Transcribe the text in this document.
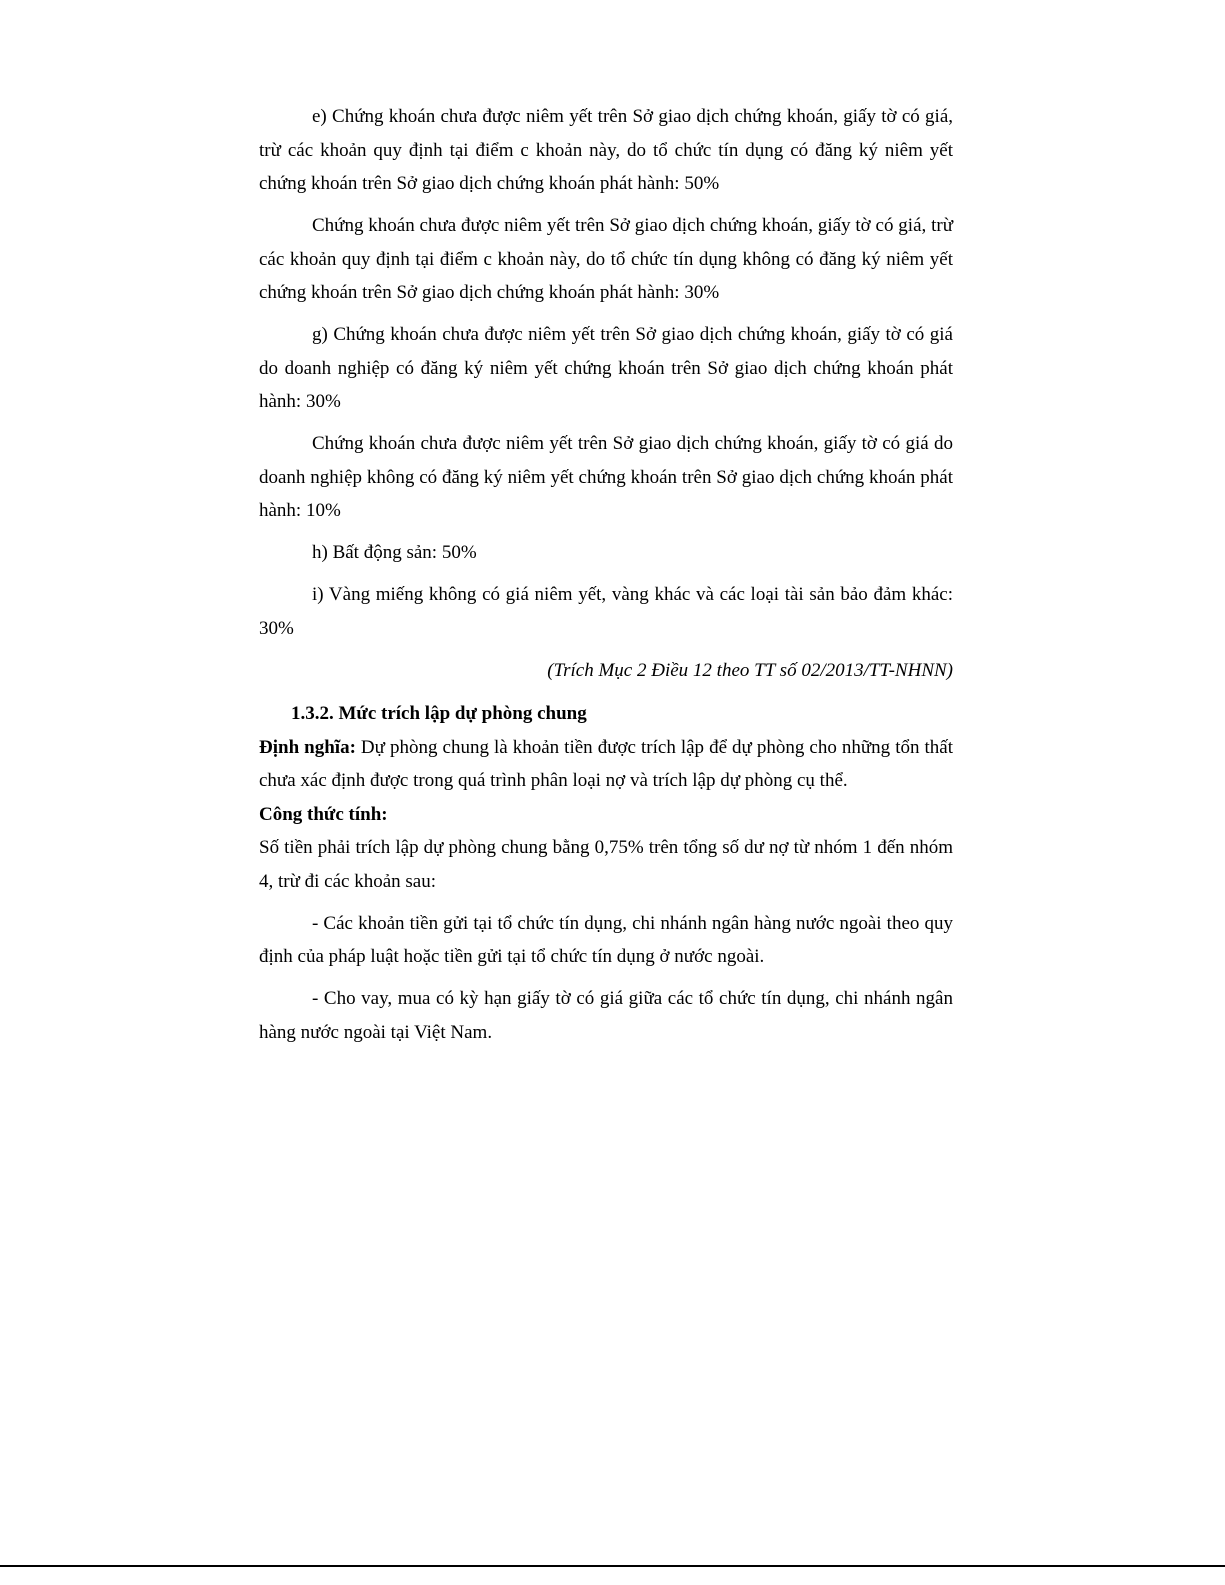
e) Chứng khoán chưa được niêm yết trên Sở giao dịch chứng khoán, giấy tờ có giá, trừ các khoản quy định tại điểm c khoản này, do tổ chức tín dụng có đăng ký niêm yết chứng khoán trên Sở giao dịch chứng khoán phát hành: 50%

Chứng khoán chưa được niêm yết trên Sở giao dịch chứng khoán, giấy tờ có giá, trừ các khoản quy định tại điểm c khoản này, do tổ chức tín dụng không có đăng ký niêm yết chứng khoán trên Sở giao dịch chứng khoán phát hành: 30%

g) Chứng khoán chưa được niêm yết trên Sở giao dịch chứng khoán, giấy tờ có giá do doanh nghiệp có đăng ký niêm yết chứng khoán trên Sở giao dịch chứng khoán phát hành: 30%

Chứng khoán chưa được niêm yết trên Sở giao dịch chứng khoán, giấy tờ có giá do doanh nghiệp không có đăng ký niêm yết chứng khoán trên Sở giao dịch chứng khoán phát hành: 10%

h) Bất động sản: 50%

i) Vàng miếng không có giá niêm yết, vàng khác và các loại tài sản bảo đảm khác: 30%

(Trích Mục 2 Điều 12 theo TT số 02/2013/TT-NHNN)

1.3.2. Mức trích lập dự phòng chung

Định nghĩa: Dự phòng chung là khoản tiền được trích lập để dự phòng cho những tổn thất chưa xác định được trong quá trình phân loại nợ và trích lập dự phòng cụ thể.

Công thức tính:

Số tiền phải trích lập dự phòng chung bằng 0,75% trên tổng số dư nợ từ nhóm 1 đến nhóm 4, trừ đi các khoản sau:

- Các khoản tiền gửi tại tổ chức tín dụng, chi nhánh ngân hàng nước ngoài theo quy định của pháp luật hoặc tiền gửi tại tổ chức tín dụng ở nước ngoài.

- Cho vay, mua có kỳ hạn giấy tờ có giá giữa các tổ chức tín dụng, chi nhánh ngân hàng nước ngoài tại Việt Nam.
